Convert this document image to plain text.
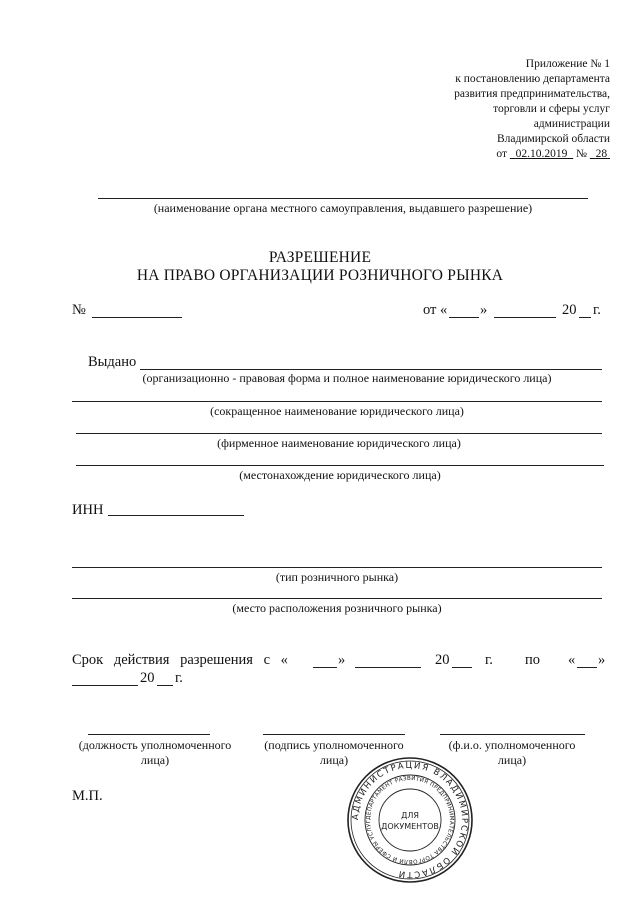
Приложение № 1
к постановлению департамента
развития предпринимательства,
торговли и сферы услуг
администрации
Владимирской области
от 02.10.2019 № 28
(наименование органа местного самоуправления, выдавшего разрешение)
РАЗРЕШЕНИЕ
НА ПРАВО ОРГАНИЗАЦИИ РОЗНИЧНОГО РЫНКА
№	от « »	20 г.
Выдано
(организационно - правовая форма и полное наименование юридического лица)
(сокращенное наименование юридического лица)
(фирменное наименование юридического лица)
(местонахождение юридического лица)
ИНН
(тип розничного рынка)
(место расположения розничного рынка)
Срок действия разрешения с «	»	20 г. по « »
20 г.
(должность уполномоченного
лица)
(подпись уполномоченного
лица)
(ф.и.о. уполномоченного
лица)
М.П.
АДМИНИСТРАЦИЯ ВЛАДИМИРСКОЙ ОБЛАСТИ
ДЕПАРТАМЕНТ РАЗВИТИЯ ПРЕДПРИНИМАТЕЛЬСТВА ТОРГОВЛИ И СФЕРЫ УСЛУГ
ДЛЯ
ДОКУМЕНТОВ
